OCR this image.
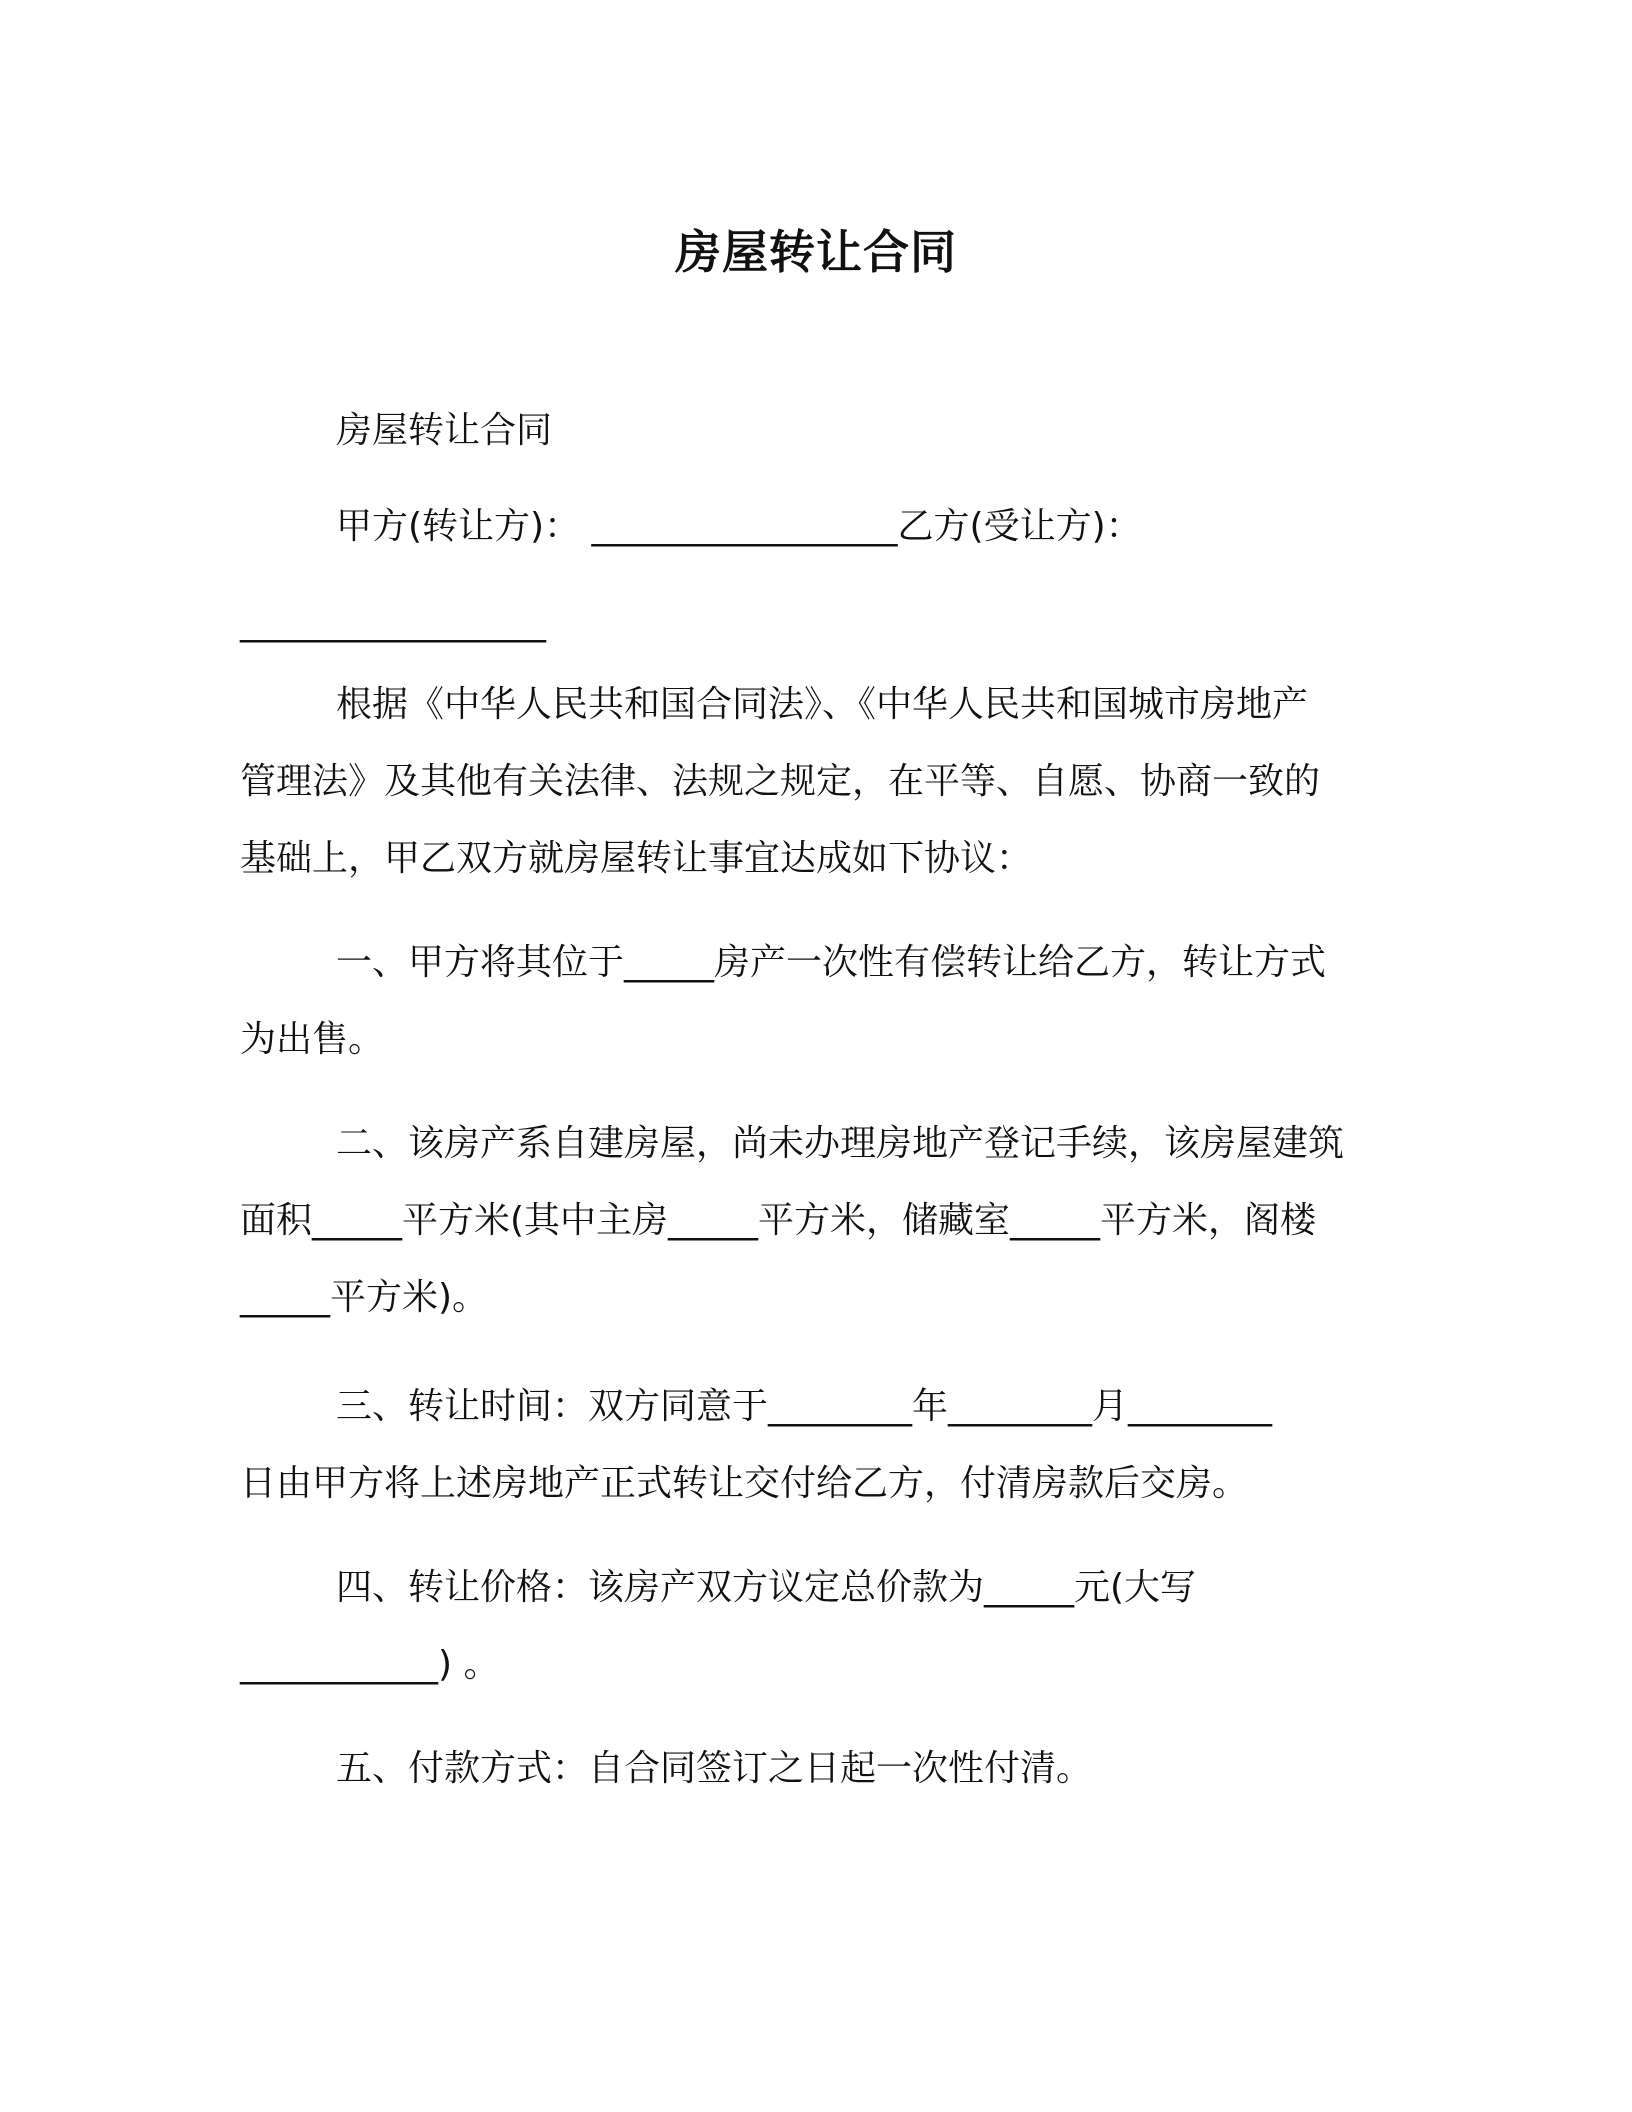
房屋转让合同
房屋转让合同
甲方(转让方)： _________________乙方(受让方)：
_________________
根据《中华人民共和国合同法》、《中华人民共和国城市房地产
管理法》及其他有关法律、法规之规定，在平等、自愿、协商一致的
基础上，甲乙双方就房屋转让事宜达成如下协议：
一、甲方将其位于_____房产一次性有偿转让给乙方，转让方式
为出售。
二、该房产系自建房屋，尚未办理房地产登记手续，该房屋建筑
面积_____平方米(其中主房_____平方米，储藏室_____平方米，阁楼
_____平方米)。
三、转让时间：双方同意于________年________月________
日由甲方将上述房地产正式转让交付给乙方，付清房款后交房。
四、转让价格：该房产双方议定总价款为_____元(大写
___________) 。
五、付款方式：自合同签订之日起一次性付清。
